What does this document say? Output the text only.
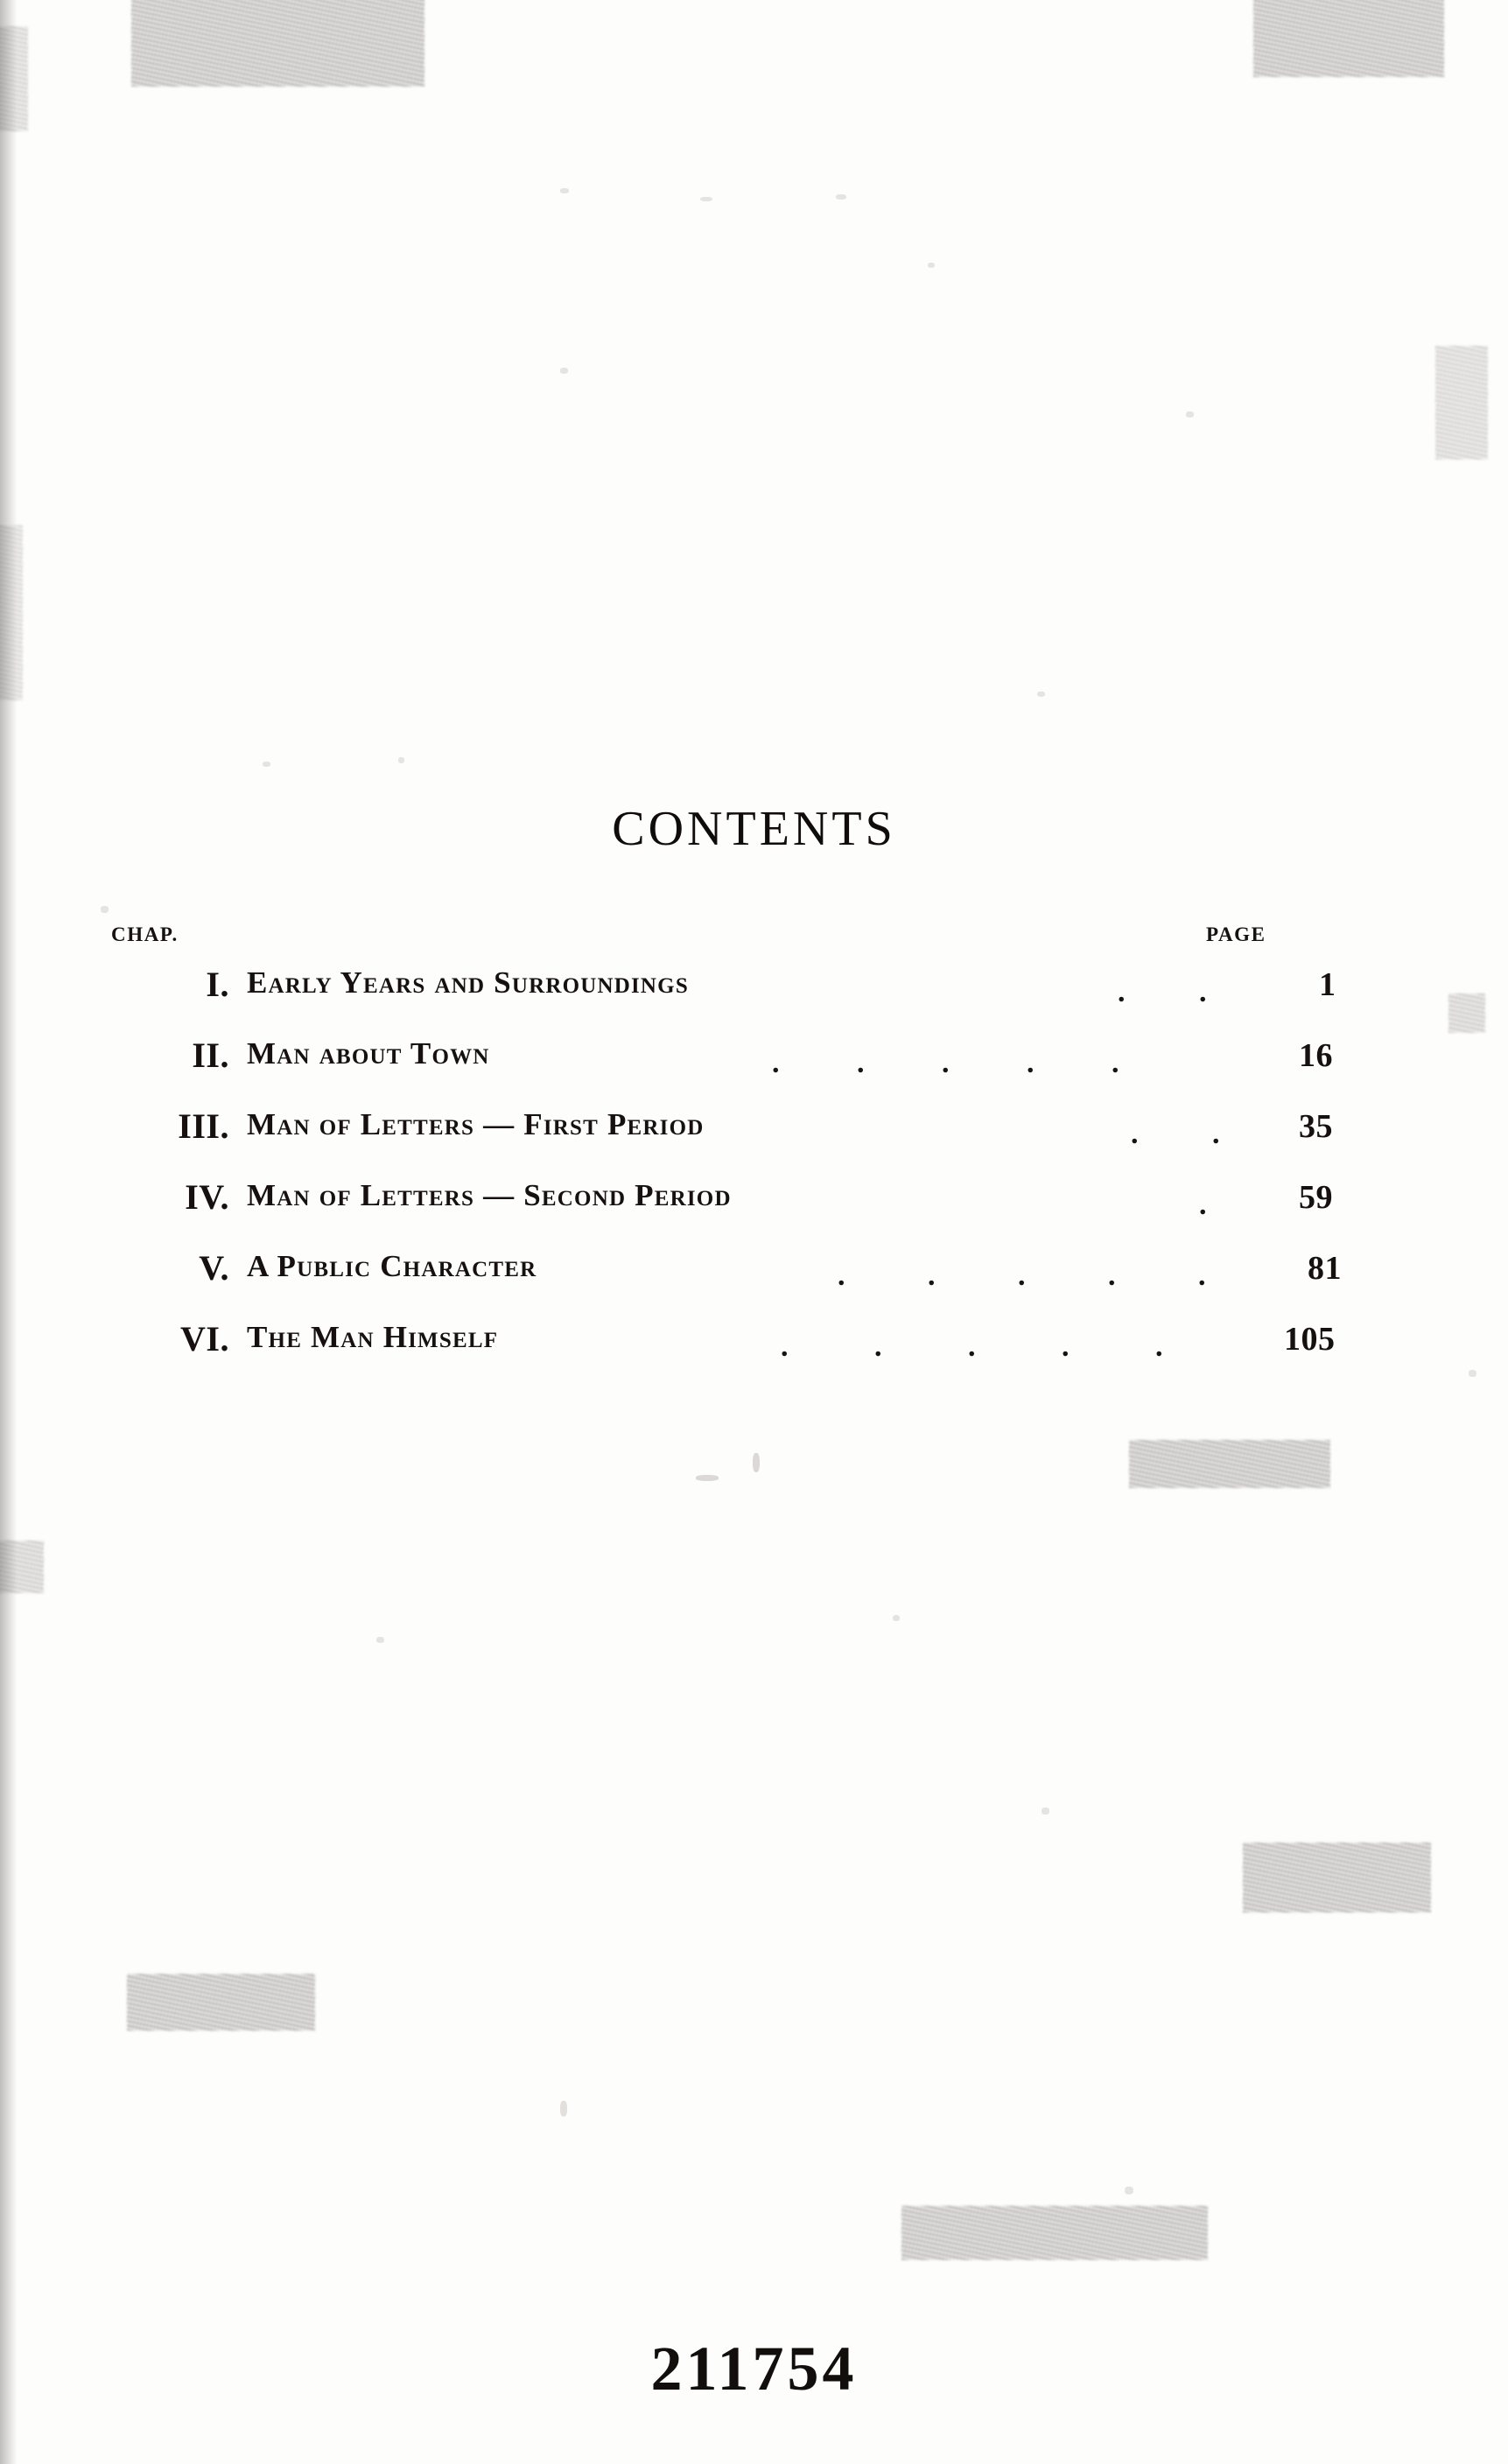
CONTENTS
CHAP.	PAGE
I. Early Years and Surroundings	. . 1
II. Man about Town	. . . . .	16
III. Man of Letters — First Period	. . 35
IV. Man of Letters — Second Period	. 59
V. A Public Character	. . . . . 81
VI. The Man Himself	. . . . . 105
211754
